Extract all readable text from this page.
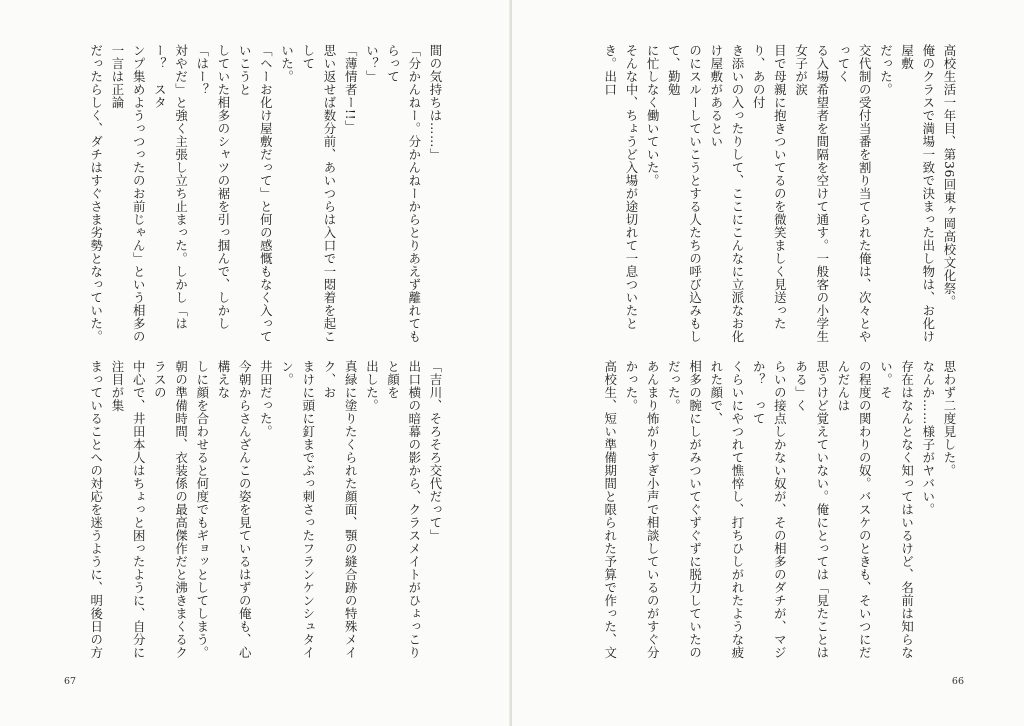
間の気持ちは……」

「分かんねー。分かんねーからとりあえず離れてもらって

い？」

「薄情者ー!!」

思い返せば数分前、あいつらは入口で一悶着を起こして

いた。

「ヘーお化け屋敷だって」と何の感慨もなく入っていこうと

していた相多のシャツの裾を引っ掴んで、しかし「はー？

対やだ」と強く主張し立ち止まった。しかし「はー？　スタ

ンプ集めようっつったのお前じゃん」という相多の一言は正論

だったらしく、ダチはすぐさま劣勢となっていた。

「吉川、そろそろ交代だって」

出口横の暗幕の影から、クラスメイトがひょっこりと顔を

出した。

真緑に塗りたくられた顔面、顎の縫合跡の特殊メイク、お

まけに頭に釘までぶっ刺さったフランケンシュタイン。

井田だった。

今朝からさんざんこの姿を見ているはずの俺も、心構えな

しに顔を合わせると何度でもギョッとしてしまう。

朝の準備時間、衣装係の最高傑作だと沸きまくるクラスの

中心で、井田本人はちょっと困ったように、自分に注目が集

まっていることへの対応を迷うように、明後日の方

67

高校生活一年目、第36回東ヶ岡高校文化祭。

俺のクラスで満場一致で決まった出し物は、お化け屋敷

だった。

交代制の受付当番を割り当てられた俺は、次々とやってく

る入場希望者を間隔を空けて通す。一般客の小学生女子が涙

目で母親に抱きついてるのを微笑ましく見送ったり、あの付

き添いの入ったりして、ここにこんなに立派なお化け屋敷があるとい

のにスルーしていこうとする人たちの呼び込みもして、勤勉

に忙しなく働いていた。

そんな中、ちょうど入場が途切れて一息ついたとき。出口

思わず二度見した。

なんか……様子がヤバい。

存在はなんとなく知ってはいるけど、名前は知らない。そ

の程度の関わりの奴。バスケのときも、そいつにだんだんは

思うけど覚えていない。俺にとっては「見たことはある」く

らいの接点しかない奴が、その相多のダチが、マジか？　って

くらいにやつれて憔悴し、打ちひしがれたような疲れた顔で、

相多の腕にしがみついてぐずぐずに脱力していたのだった。

あんまり怖がりすぎ小声で相談しているのがすぐ分かった。

高校生、短い準備期間と限られた予算で作った、文

66
